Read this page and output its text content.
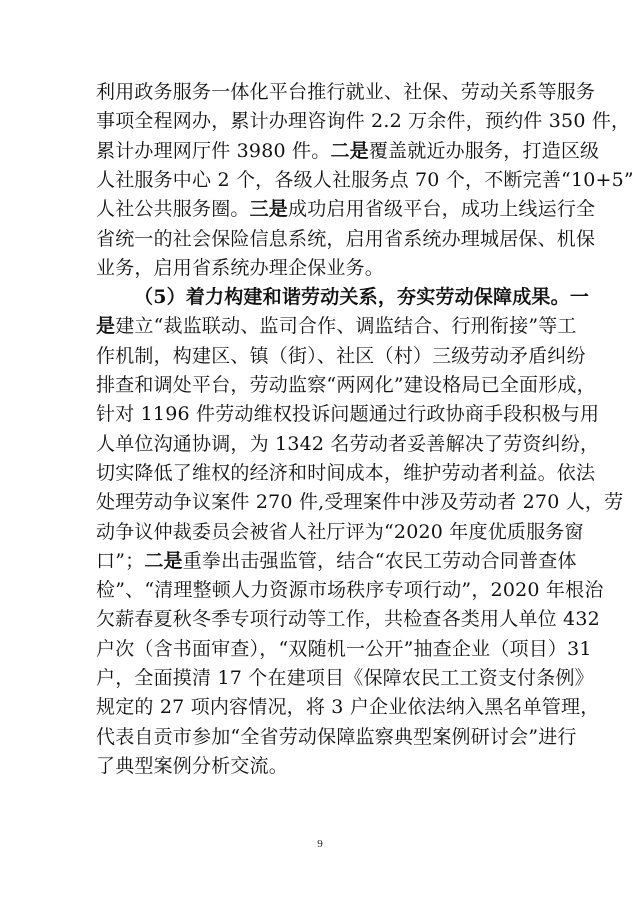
利用政务服务一体化平台推行就业、社保、劳动关系等服务
事项全程网办，累计办理咨询件 2.2 万余件，预约件 350 件，
累计办理网厅件 3980 件。二是覆盖就近办服务，打造区级
人社服务中心 2 个，各级人社服务点 70 个，不断完善“10+5”
人社公共服务圈。三是成功启用省级平台，成功上线运行全
省统一的社会保险信息系统，启用省系统办理城居保、机保
业务，启用省系统办理企保业务。
（5）着力构建和谐劳动关系，夯实劳动保障成果。一
是建立“裁监联动、监司合作、调监结合、行刑衔接”等工
作机制，构建区、镇（街）、社区（村）三级劳动矛盾纠纷
排查和调处平台，劳动监察“两网化”建设格局已全面形成，
针对 1196 件劳动维权投诉问题通过行政协商手段积极与用
人单位沟通协调，为 1342 名劳动者妥善解决了劳资纠纷，
切实降低了维权的经济和时间成本，维护劳动者利益。依法
处理劳动争议案件 270 件,受理案件中涉及劳动者 270 人，劳
动争议仲裁委员会被省人社厅评为“2020 年度优质服务窗
口”；二是重拳出击强监管，结合“农民工劳动合同普查体
检”、“清理整顿人力资源市场秩序专项行动”，2020 年根治
欠薪春夏秋冬季专项行动等工作，共检查各类用人单位 432
户次（含书面审查），“双随机一公开”抽查企业（项目）31
户，全面摸清 17 个在建项目《保障农民工工资支付条例》
规定的 27 项内容情况，将 3 户企业依法纳入黑名单管理，
代表自贡市参加“全省劳动保障监察典型案例研讨会”进行
了典型案例分析交流。
9
